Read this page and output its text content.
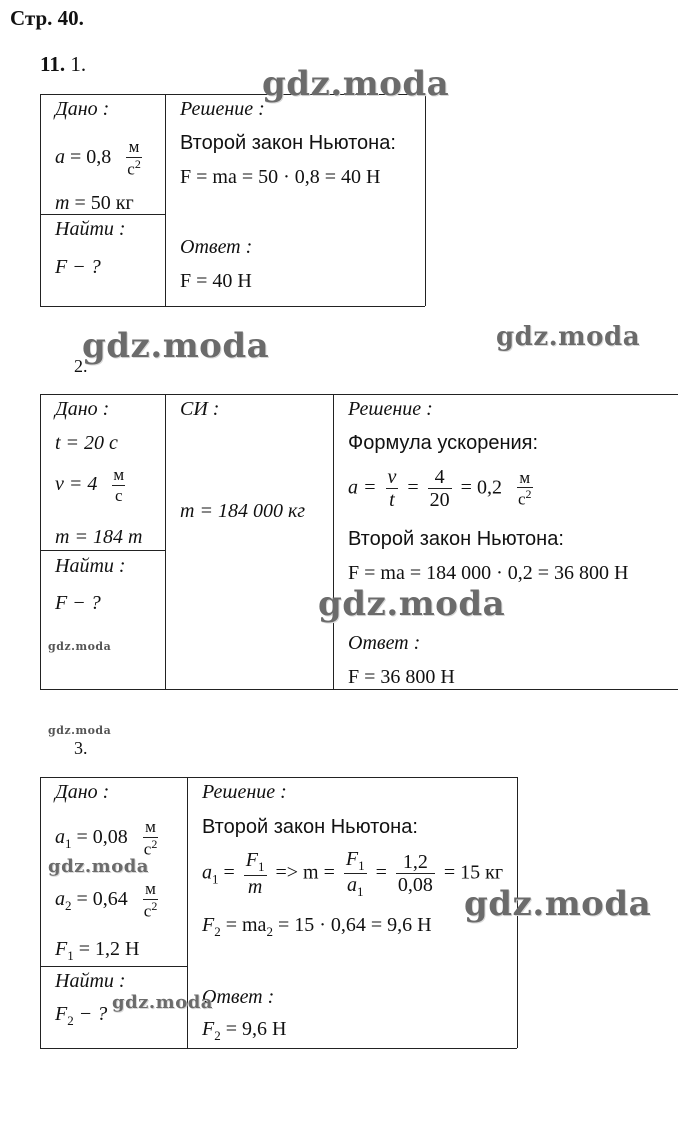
Стр. 40.
11. 1.
Дано :
$a = 0,8 \frac{м}{с^2}$
m = 50 кг
Найти :
F − ?
Решение :
Второй закон Ньютона:
F = ma = 50 · 0,8 = 40 Н
Ответ :
F = 40 Н
2.
Дано :
t = 20 с
$v = 4 \frac{м}{с}$
m = 184 т
Найти :
F − ?
СИ :
m = 184 000 кг
Решение :
Формула ускорения:
$a = \frac{v}{t} = \frac{4}{20} = 0,2 \frac{м}{с^2}$
Второй закон Ньютона:
F = ma = 184 000 · 0,2 = 36 800 Н
Ответ :
F = 36 800 Н
3.
Дано :
$a_1 = 0,08 \frac{м}{с^2}$
$a_2 = 0,64 \frac{м}{с^2}$
$F_1 = 1,2$ Н
Найти :
$F_2$ − ?
Решение :
Второй закон Ньютона:
$a_1 = \frac{F_1}{m} => m = \frac{F_1}{a_1} = \frac{1,2}{0,08} = 15$ кг
$F_2 = ma_2 = 15 \cdot 0,64 = 9,6$ Н
Ответ :
$F_2 = 9,6$ Н
gdz.moda
gdz.moda	gdz.moda
gdz.moda
gdz.moda
gdz.moda
gdz.moda
gdz.moda
gdz.moda
